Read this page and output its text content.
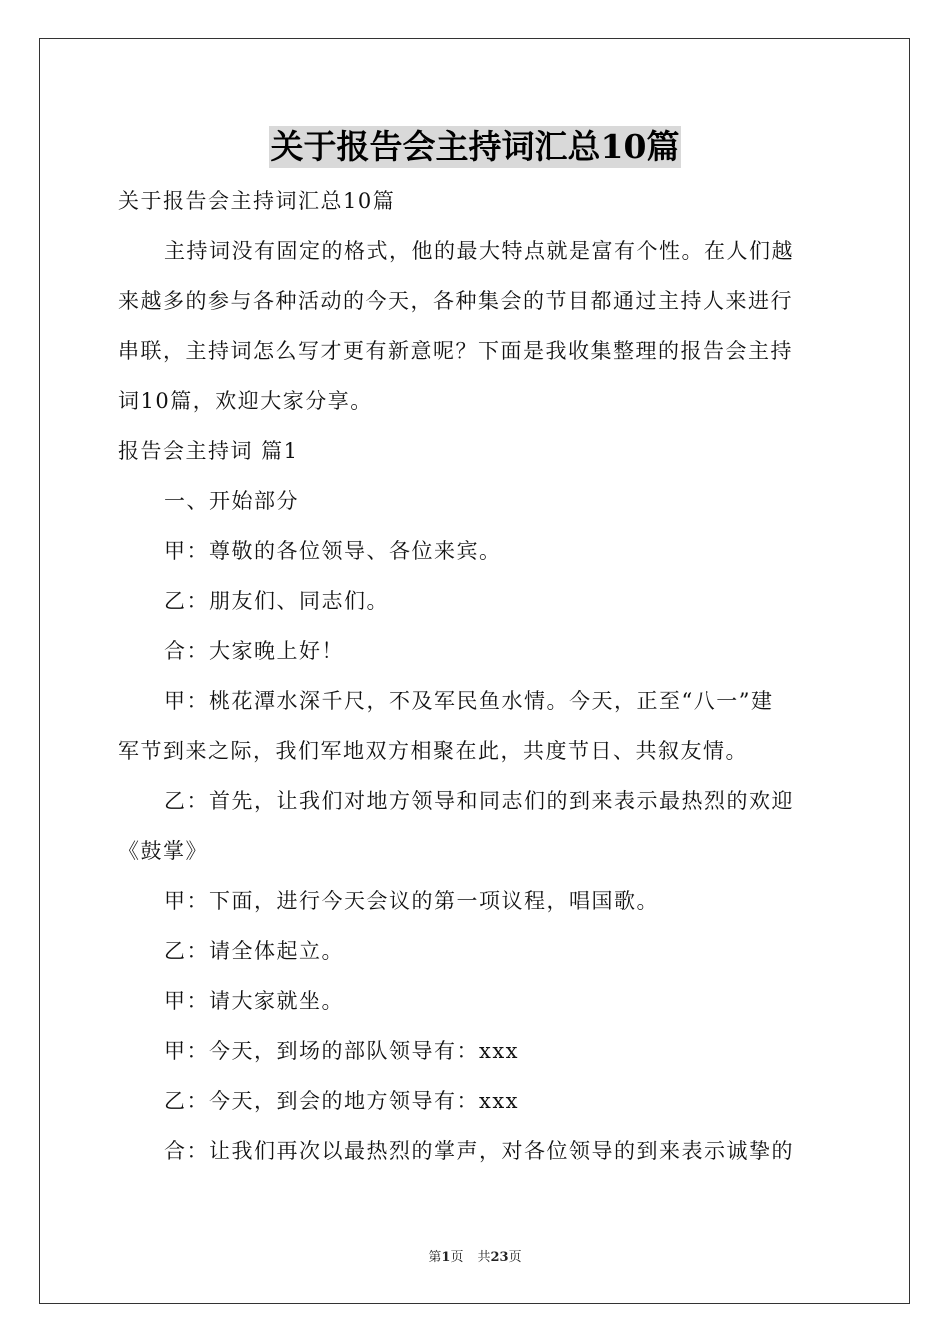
关于报告会主持词汇总10篇

关于报告会主持词汇总10篇

主持词没有固定的格式，他的最大特点就是富有个性。在人们越

来越多的参与各种活动的今天，各种集会的节目都通过主持人来进行

串联，主持词怎么写才更有新意呢？下面是我收集整理的报告会主持

词10篇，欢迎大家分享。

报告会主持词 篇1

一、开始部分

甲：尊敬的各位领导、各位来宾。

乙：朋友们、同志们。

合：大家晚上好！

甲：桃花潭水深千尺，不及军民鱼水情。今天，正至“八一”建

军节到来之际，我们军地双方相聚在此，共度节日、共叙友情。

乙：首先，让我们对地方领导和同志们的到来表示最热烈的欢迎

《鼓掌》

甲：下面，进行今天会议的第一项议程，唱国歌。

乙：请全体起立。

甲：请大家就坐。

甲：今天，到场的部队领导有：xxx

乙：今天，到会的地方领导有：xxx

合：让我们再次以最热烈的掌声，对各位领导的到来表示诚挚的

第1页 共23页
